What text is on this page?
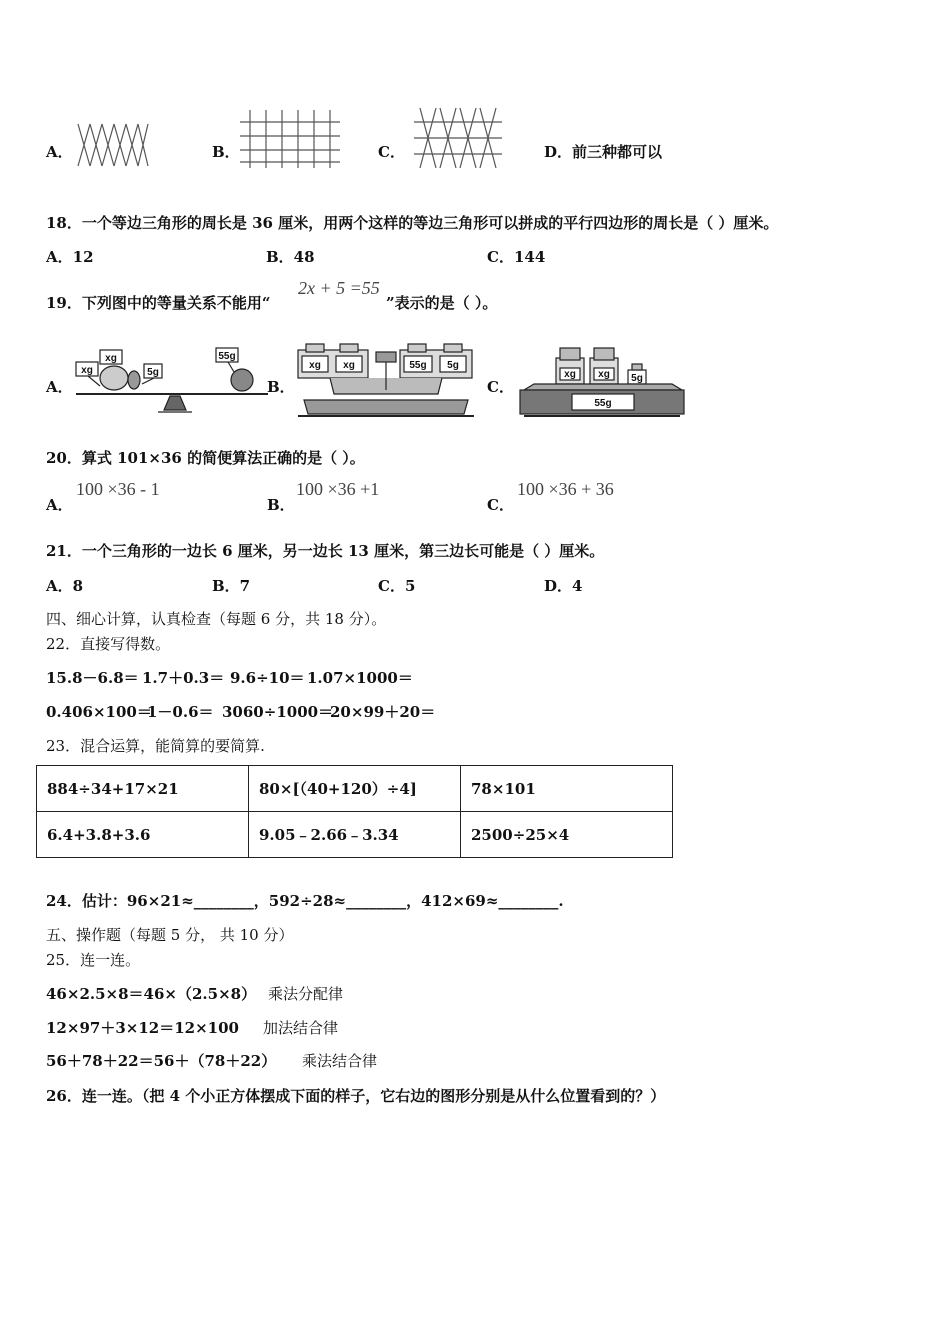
A．	B．	C．	D． 前三种都可以
18．一个等边三角形的周长是 36 厘米，用两个这样的等边三角形可以拼成的平行四边形的周长是（ ）厘米。
A．12	B．48	C．144
19．下列图中的等量关系不能用“
2x + 5 =55
”表示的是（ ）。
A．
xg
xg
5g
55g
B．
xg xg	55g 5g
C．
xg xg 5g
55g
20．算式 101×36 的简便算法正确的是（ ）。
A．
100 ×36 - 1
B．
100 ×36 +1
C．
100 ×36 + 36
21．一个三角形的一边长 6 厘米，另一边长 13 厘米，第三边长可能是（ ）厘米。
A．8	B．7	C．5	D．4
四、细心计算，认真检查（每题 6 分，共 18 分）。
22．直接写得数。
15.8－6.8＝ 1.7＋0.3＝ 9.6÷10＝ 1.07×1000＝
0.406×100＝
1－0.6＝ 3060÷1000＝
20×99＋20＝
23．混合运算，能简算的要简算.
884÷34+17×21	80×[（40+120）÷4]	78×101
6.4+3.8+3.6	9.05﹣2.66﹣3.34	2500÷25×4
24．估计：96×21≈________，592÷28≈________，412×69≈________.
五、操作题（每题 5 分， 共 10 分）
25．连一连。
46×2.5×8＝46×（2.5×8） 乘法分配律
12×97＋3×12＝12×100 加法结合律
56＋78＋22＝56＋（78＋22） 乘法结合律
26．连一连。（把 4 个小正方体摆成下面的样子，它右边的图形分别是从什么位置看到的？）
